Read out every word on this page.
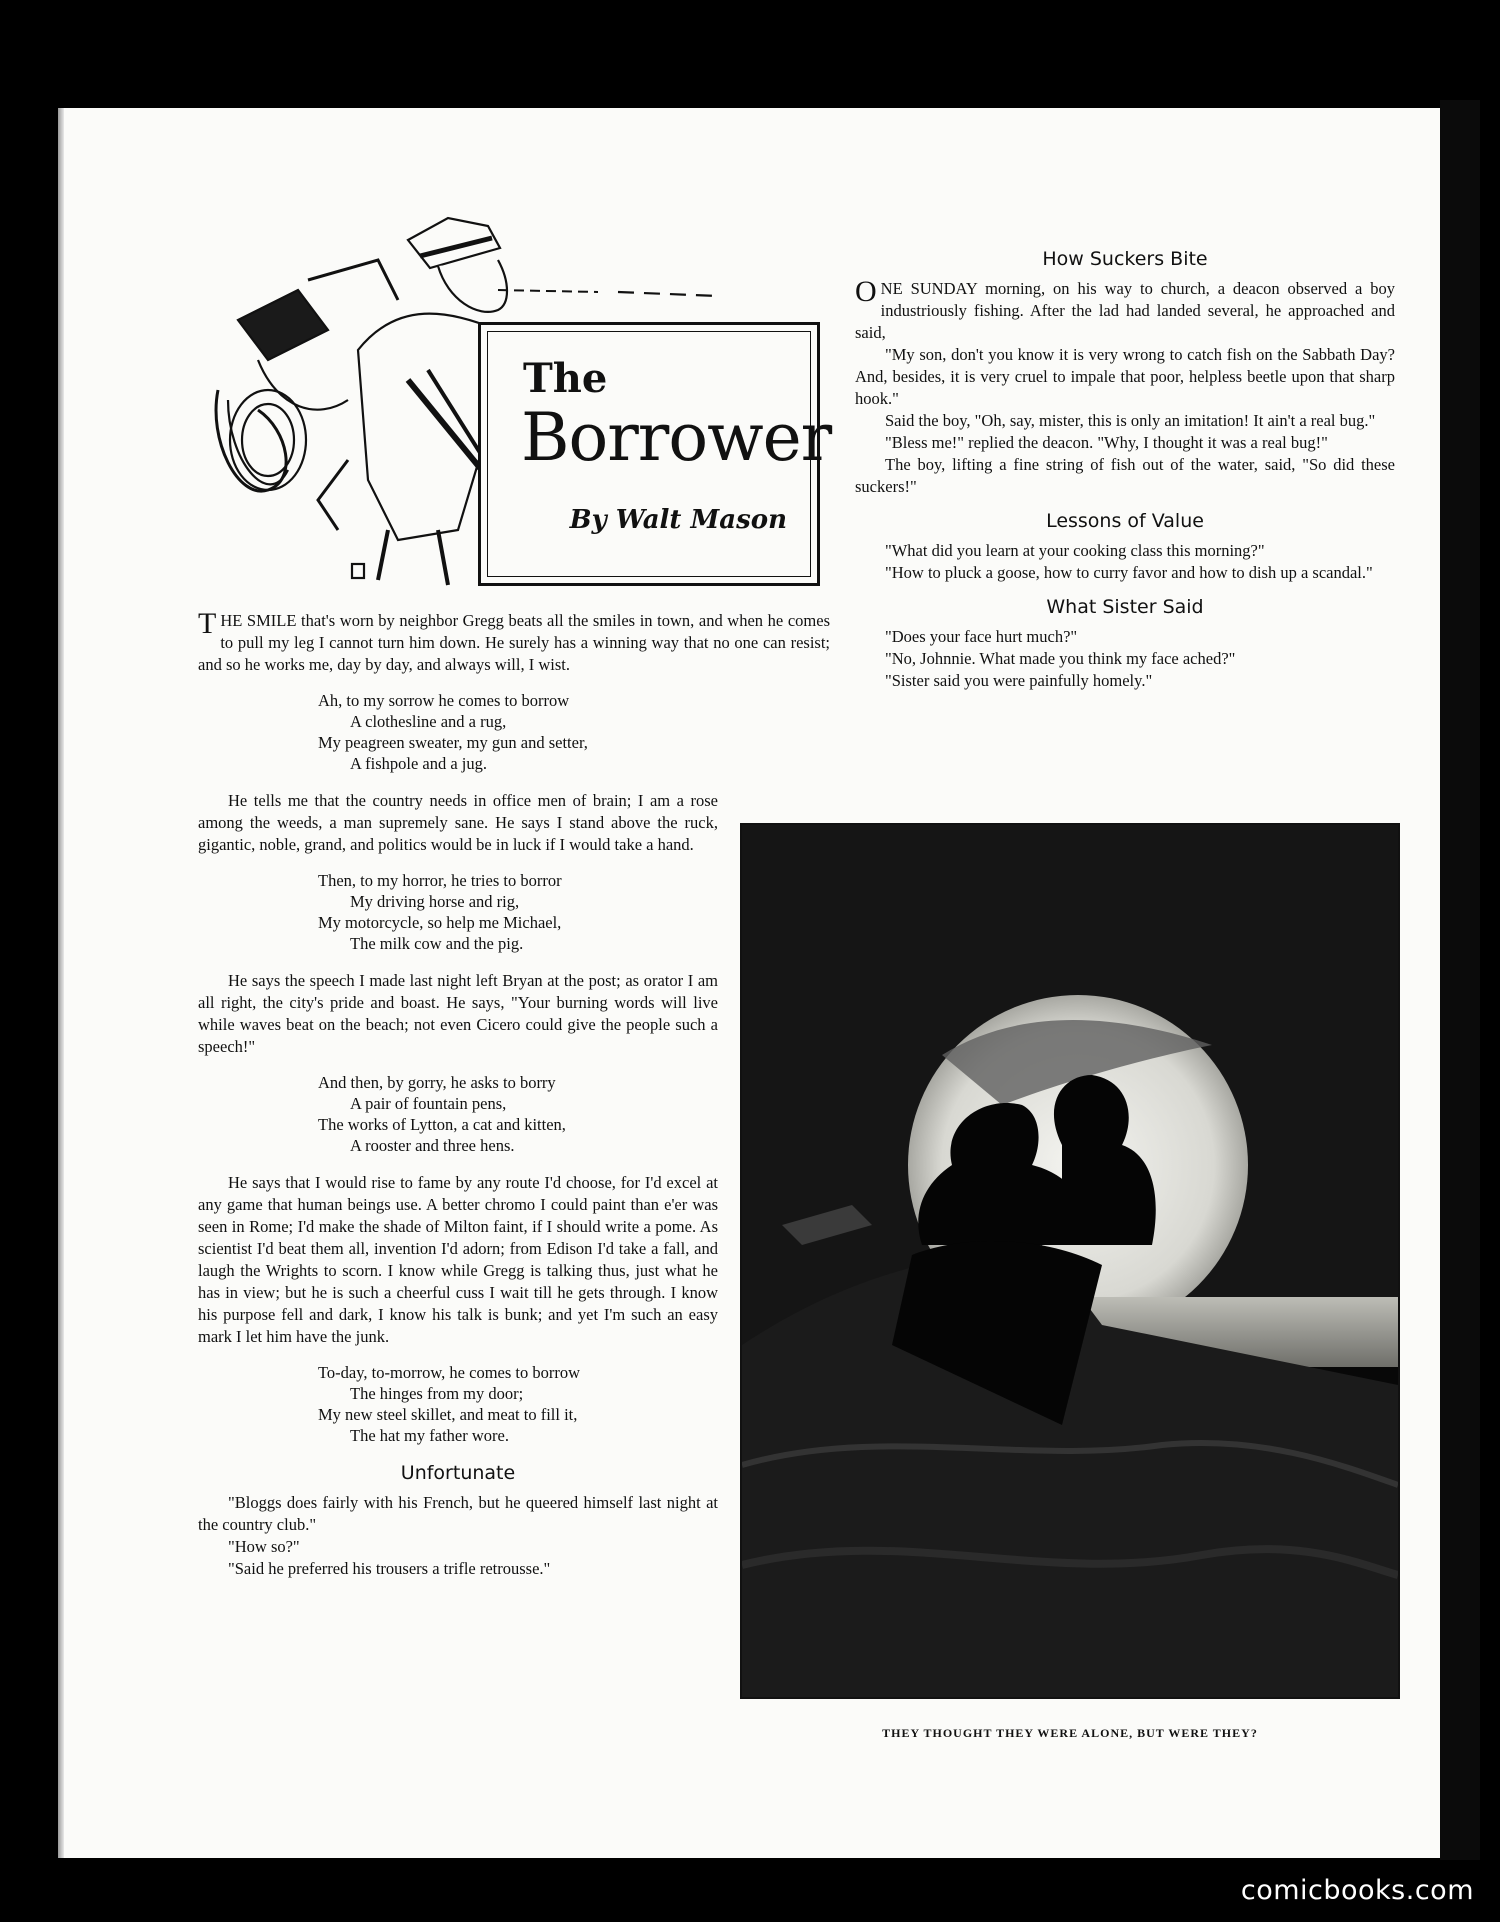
The
Borrower
By Walt Mason

THE SMILE that's worn by neighbor Gregg beats all the smiles in town, and when he comes to pull my leg I cannot turn him down. He surely has a winning way that no one can resist; and so he works me, day by day, and always will, I wist.

Ah, to my sorrow he comes to borrow
A clothesline and a rug,
My peagreen sweater, my gun and setter,
A fishpole and a jug.

He tells me that the country needs in office men of brain; I am a rose among the weeds, a man supremely sane. He says I stand above the ruck, gigantic, noble, grand, and politics would be in luck if I would take a hand.

Then, to my horror, he tries to borror
My driving horse and rig,
My motorcycle, so help me Michael,
The milk cow and the pig.

He says the speech I made last night left Bryan at the post; as orator I am all right, the city's pride and boast. He says, "Your burning words will live while waves beat on the beach; not even Cicero could give the people such a speech!"

And then, by gorry, he asks to borry
A pair of fountain pens,
The works of Lytton, a cat and kitten,
A rooster and three hens.

He says that I would rise to fame by any route I'd choose, for I'd excel at any game that human beings use. A better chromo I could paint than e'er was seen in Rome; I'd make the shade of Milton faint, if I should write a pome. As scientist I'd beat them all, invention I'd adorn; from Edison I'd take a fall, and laugh the Wrights to scorn. I know while Gregg is talking thus, just what he has in view; but he is such a cheerful cuss I wait till he gets through. I know his purpose fell and dark, I know his talk is bunk; and yet I'm such an easy mark I let him have the junk.

To-day, to-morrow, he comes to borrow
The hinges from my door;
My new steel skillet, and meat to fill it,
The hat my father wore.
Unfortunate

"Bloggs does fairly with his French, but he queered himself last night at the country club."

"How so?"

"Said he preferred his trousers a trifle retrousse."

How Suckers Bite

ONE SUNDAY morning, on his way to church, a deacon observed a boy industriously fishing. After the lad had landed several, he approached and said,

"My son, don't you know it is very wrong to catch fish on the Sabbath Day? And, besides, it is very cruel to impale that poor, helpless beetle upon that sharp hook."

Said the boy, "Oh, say, mister, this is only an imitation! It ain't a real bug."

"Bless me!" replied the deacon. "Why, I thought it was a real bug!"

The boy, lifting a fine string of fish out of the water, said, "So did these suckers!"

Lessons of Value

"What did you learn at your cooking class this morning?"

"How to pluck a goose, how to curry favor and how to dish up a scandal."

What Sister Said

"Does your face hurt much?"

"No, Johnnie. What made you think my face ached?"

"Sister said you were painfully homely."

THEY THOUGHT THEY WERE ALONE, BUT WERE THEY?
comicbooks.com
